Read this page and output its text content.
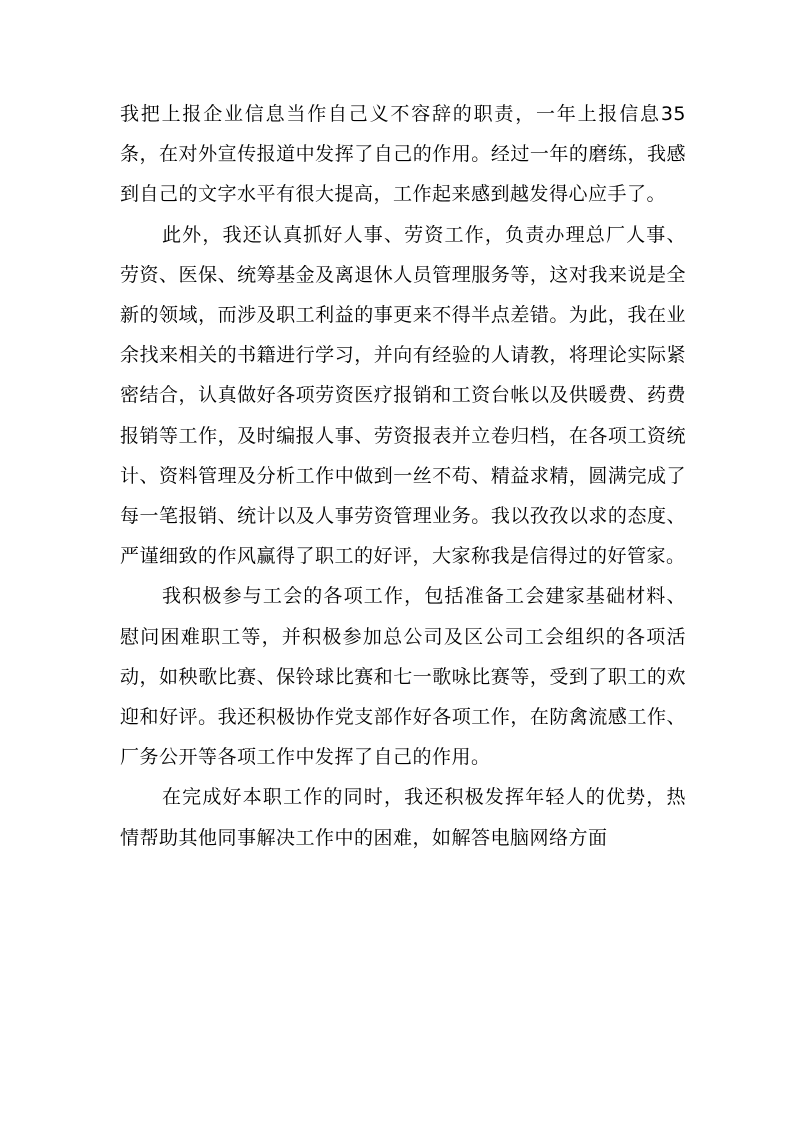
我把上报企业信息当作自己义不容辞的职责，一年上报信息35条，在对外宣传报道中发挥了自己的作用。经过一年的磨练，我感到自己的文字水平有很大提高，工作起来感到越发得心应手了。

此外，我还认真抓好人事、劳资工作，负责办理总厂人事、劳资、医保、统筹基金及离退休人员管理服务等，这对我来说是全新的领域，而涉及职工利益的事更来不得半点差错。为此，我在业余找来相关的书籍进行学习，并向有经验的人请教，将理论实际紧密结合，认真做好各项劳资医疗报销和工资台帐以及供暖费、药费报销等工作，及时编报人事、劳资报表并立卷归档，在各项工资统计、资料管理及分析工作中做到一丝不苟、精益求精，圆满完成了每一笔报销、统计以及人事劳资管理业务。我以孜孜以求的态度、严谨细致的作风赢得了职工的好评，大家称我是信得过的好管家。

我积极参与工会的各项工作，包括准备工会建家基础材料、慰问困难职工等，并积极参加总公司及区公司工会组织的各项活动，如秧歌比赛、保铃球比赛和七一歌咏比赛等，受到了职工的欢迎和好评。我还积极协作党支部作好各项工作，在防禽流感工作、厂务公开等各项工作中发挥了自己的作用。

在完成好本职工作的同时，我还积极发挥年轻人的优势，热情帮助其他同事解决工作中的困难，如解答电脑网络方面
